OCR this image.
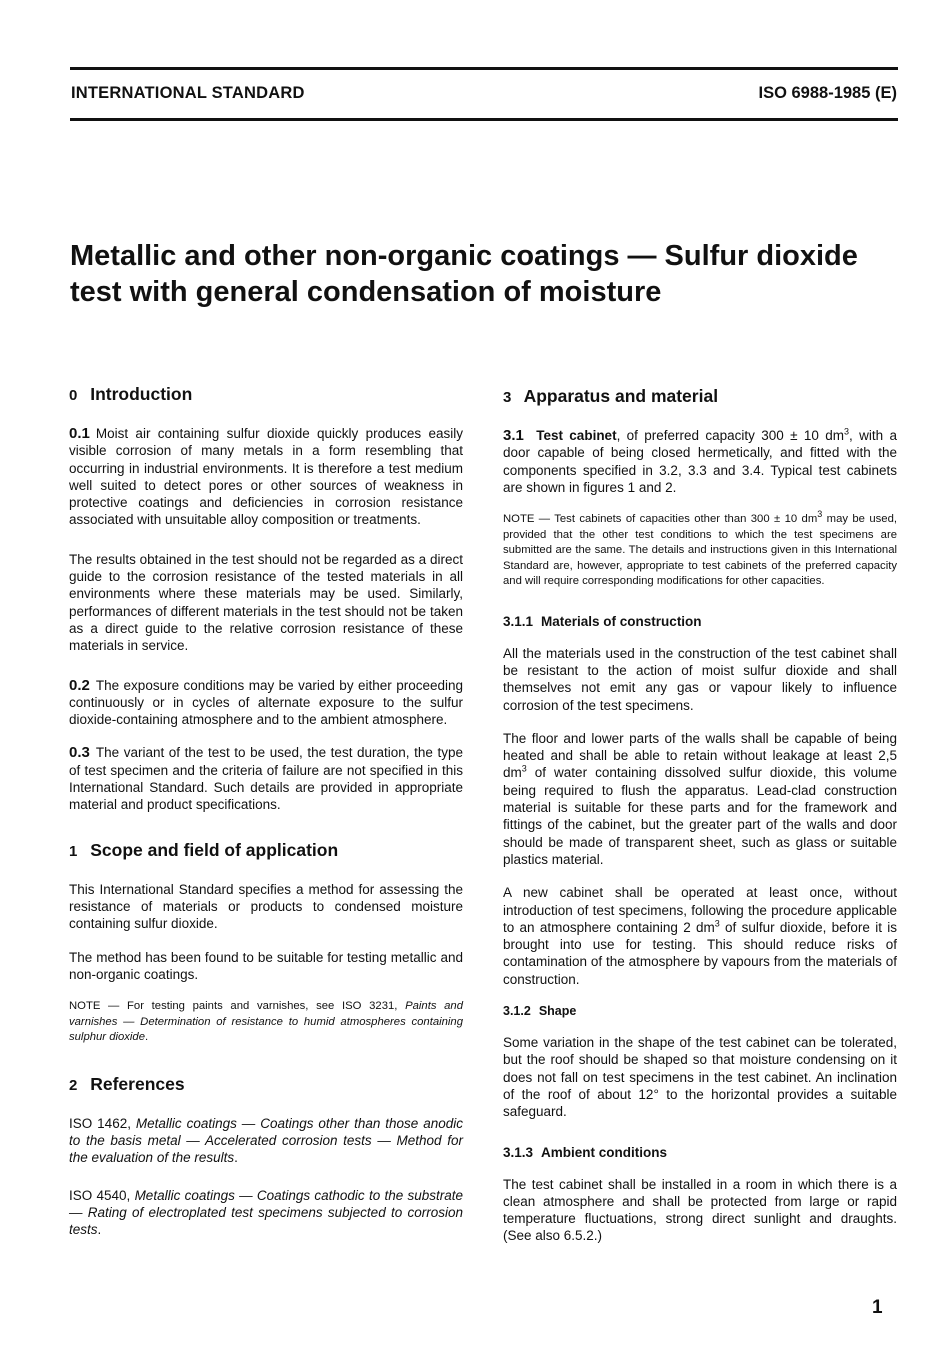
INTERNATIONAL STANDARD	ISO 6988-1985 (E)
Metallic and other non-organic coatings — Sulfur dioxide
test with general condensation of moisture
0 Introduction

0.1 Moist air containing sulfur dioxide quickly produces easily visible corrosion of many metals in a form resembling that occurring in industrial environments. It is therefore a test medium well suited to detect pores or other sources of weakness in protective coatings and deficiencies in corrosion resistance associated with unsuitable alloy composition or treatments.

The results obtained in the test should not be regarded as a direct guide to the corrosion resistance of the tested materials in all environments where these materials may be used. Similarly, performances of different materials in the test should not be taken as a direct guide to the relative corrosion resistance of these materials in service.

0.2 The exposure conditions may be varied by either proceeding continuously or in cycles of alternate exposure to the sulfur dioxide-containing atmosphere and to the ambient atmosphere.

0.3 The variant of the test to be used, the test duration, the type of test specimen and the criteria of failure are not specified in this International Standard. Such details are provided in appropriate material and product specifications.

1 Scope and field of application

This International Standard specifies a method for assessing the resistance of materials or products to condensed moisture containing sulfur dioxide.

The method has been found to be suitable for testing metallic and non-organic coatings.

NOTE — For testing paints and varnishes, see ISO 3231, Paints and varnishes — Determination of resistance to humid atmospheres containing sulphur dioxide.

2 References

ISO 1462, Metallic coatings — Coatings other than those anodic to the basis metal — Accelerated corrosion tests — Method for the evaluation of the results.

ISO 4540, Metallic coatings — Coatings cathodic to the substrate — Rating of electroplated test specimens subjected to corrosion tests.

3 Apparatus and material

3.1 Test cabinet, of preferred capacity 300 ± 10 $dm^3$, with a door capable of being closed hermetically, and fitted with the components specified in 3.2, 3.3 and 3.4. Typical test cabinets are shown in figures 1 and 2.

NOTE — Test cabinets of capacities other than 300 ± 10 $dm^3$ may be used, provided that the other test conditions to which the test specimens are submitted are the same. The details and instructions given in this International Standard are, however, appropriate to test cabinets of the preferred capacity and will require corresponding modifications for other capacities.

3.1.1 Materials of construction

All the materials used in the construction of the test cabinet shall be resistant to the action of moist sulfur dioxide and shall themselves not emit any gas or vapour likely to influence corrosion of the test specimens.

The floor and lower parts of the walls shall be capable of being heated and shall be able to retain without leakage at least 2,5 $dm^3$ of water containing dissolved sulfur dioxide, this volume being required to flush the apparatus. Lead-clad construction material is suitable for these parts and for the framework and fittings of the cabinet, but the greater part of the walls and door should be made of transparent sheet, such as glass or suitable plastics material.

A new cabinet shall be operated at least once, without introduction of test specimens, following the procedure applicable to an atmosphere containing 2 $dm^3$ of sulfur dioxide, before it is brought into use for testing. This should reduce risks of contamination of the atmosphere by vapours from the materials of construction.

3.1.2 Shape

Some variation in the shape of the test cabinet can be tolerated, but the roof should be shaped so that moisture condensing on it does not fall on test specimens in the test cabinet. An inclination of the roof of about 12° to the horizontal provides a suitable safeguard.

3.1.3 Ambient conditions

The test cabinet shall be installed in a room in which there is a clean atmosphere and shall be protected from large or rapid temperature fluctuations, strong direct sunlight and draughts. (See also 6.5.2.)

1
